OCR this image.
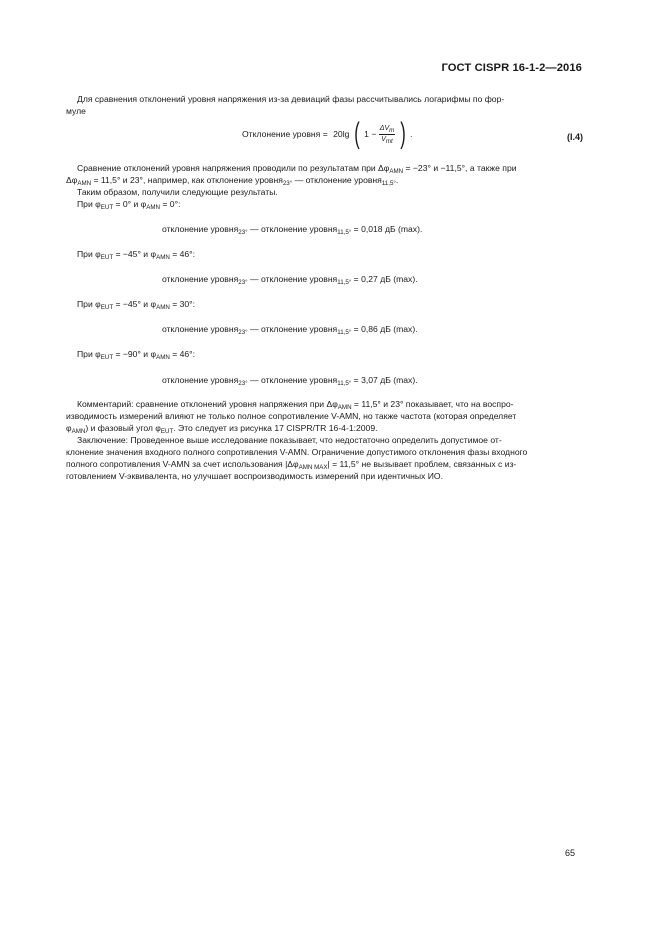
ГОСТ CISPR 16-1-2—2016
Для сравнения отклонений уровня напряжения из-за девиаций фазы рассчитывались логарифмы по фор-
муле
Отклонение уровня = 20lg ( $1 - \frac{\Delta V_m}{V_{mt}}$ ) .	(I.4)
Сравнение отклонений уровня напряжения проводили по результатам при $\Delta\varphi_{AMN} = -23^\circ$ и −11,5°, а также при
$\Delta\varphi_{AMN} = 11,5^\circ$ и 23°, например, как отклонение уровня$_{23^\circ}$ — отклонение уровня$_{11,5^\circ}$.
Таким образом, получили следующие результаты.
При $\varphi_{EUT} = 0^\circ$ и $\varphi_{AMN} = 0^\circ$:
отклонение уровня$_{23^\circ}$ — отклонение уровня$_{11,5^\circ}$ = 0,018 дБ (max).
При $\varphi_{EUT} = -45^\circ$ и $\varphi_{AMN} = 46^\circ$:
отклонение уровня$_{23^\circ}$ — отклонение уровня$_{11,5^\circ}$ = 0,27 дБ (max).
При $\varphi_{EUT} = -45^\circ$ и $\varphi_{AMN} = 30^\circ$:
отклонение уровня$_{23^\circ}$ — отклонение уровня$_{11,5^\circ}$ = 0,86 дБ (max).
При $\varphi_{EUT} = -90^\circ$ и $\varphi_{AMN} = 46^\circ$:
отклонение уровня$_{23^\circ}$ — отклонение уровня$_{11,5^\circ}$ = 3,07 дБ (max).
Комментарий: сравнение отклонений уровня напряжения при $\Delta\varphi_{AMN} = 11,5^\circ$ и 23° показывает, что на воспро-
изводимость измерений влияют не только полное сопротивление V-AMN, но также частота (которая определяет
$\varphi_{AMN}$) и фазовый угол $\varphi_{EUT}$. Это следует из рисунка 17 CISPR/TR 16-4-1:2009.
Заключение: Проведенное выше исследование показывает, что недостаточно определить допустимое от-
клонение значения входного полного сопротивления V-AMN. Ограничение допустимого отклонения фазы входного
полного сопротивления V-AMN за счет использования $|\Delta\varphi_{AMN MAX}| = 11,5^\circ$ не вызывает проблем, связанных с из-
готовлением V-эквивалента, но улучшает воспроизводимость измерений при идентичных ИО.
65
